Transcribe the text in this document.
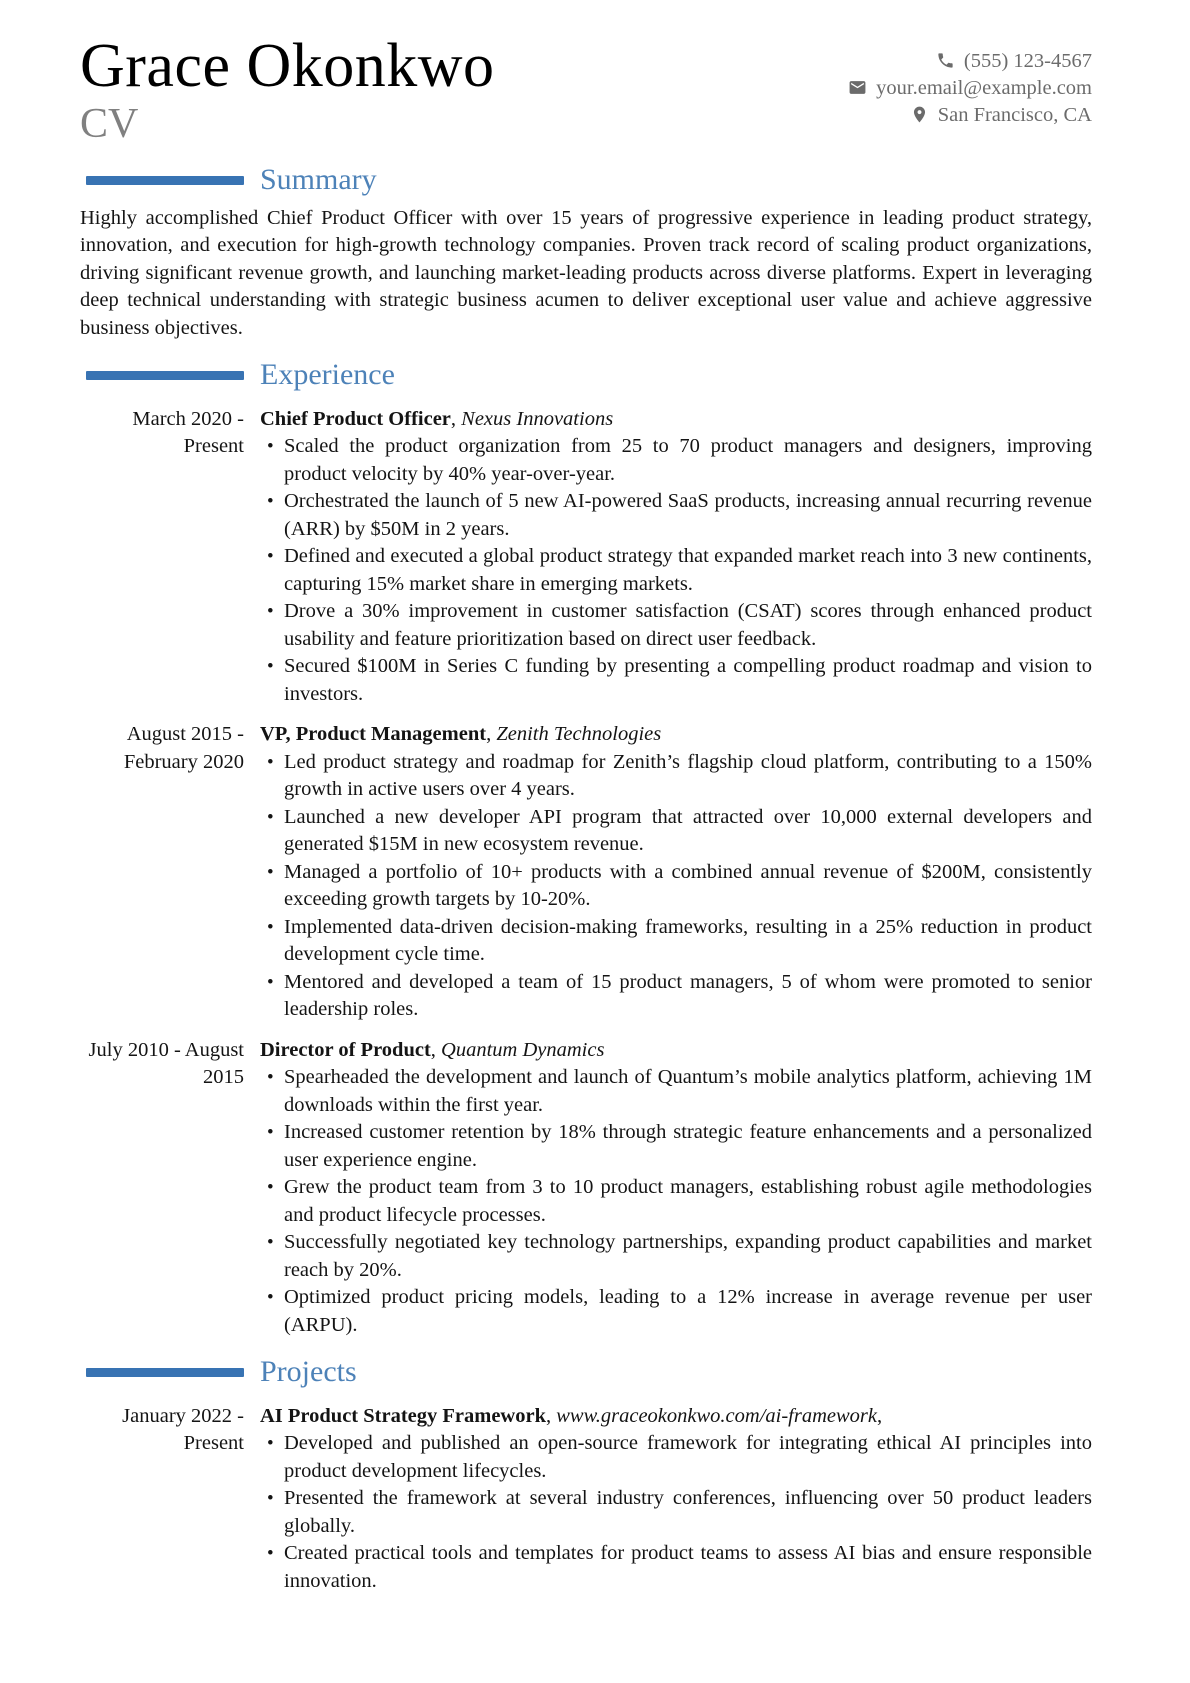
Grace Okonkwo
CV
(555) 123-4567
your.email@example.com
San Francisco, CA
Summary

Highly accomplished Chief Product Officer with over 15 years of progressive experience in leading product strategy, innovation, and execution for high-growth technology companies. Proven track record of scaling product organizations, driving significant revenue growth, and launching market-leading products across diverse platforms. Expert in leveraging deep technical understanding with strategic business acumen to deliver exceptional user value and achieve aggressive business objectives.

Experience
March 2020 - Present
Chief Product Officer, Nexus Innovations
• Scaled the product organization from 25 to 70 product managers and designers, improving product velocity by 40% year-over-year.
• Orchestrated the launch of 5 new AI-powered SaaS products, increasing annual recurring revenue (ARR) by $50M in 2 years.
• Defined and executed a global product strategy that expanded market reach into 3 new continents, capturing 15% market share in emerging markets.
• Drove a 30% improvement in customer satisfaction (CSAT) scores through enhanced product usability and feature prioritization based on direct user feedback.
• Secured $100M in Series C funding by presenting a compelling product roadmap and vision to investors.
August 2015 - February 2020
VP, Product Management, Zenith Technologies
• Led product strategy and roadmap for Zenith’s flagship cloud platform, contributing to a 150% growth in active users over 4 years.
• Launched a new developer API program that attracted over 10,000 external developers and generated $15M in new ecosystem revenue.
• Managed a portfolio of 10+ products with a combined annual revenue of $200M, consistently exceeding growth targets by 10-20%.
• Implemented data-driven decision-making frameworks, resulting in a 25% reduction in product development cycle time.
• Mentored and developed a team of 15 product managers, 5 of whom were promoted to senior leadership roles.
July 2010 - August 2015
Director of Product, Quantum Dynamics
• Spearheaded the development and launch of Quantum’s mobile analytics platform, achieving 1M downloads within the first year.
• Increased customer retention by 18% through strategic feature enhancements and a personalized user experience engine.
• Grew the product team from 3 to 10 product managers, establishing robust agile methodologies and product lifecycle processes.
• Successfully negotiated key technology partnerships, expanding product capabilities and market reach by 20%.
• Optimized product pricing models, leading to a 12% increase in average revenue per user (ARPU).
Projects
January 2022 - Present
AI Product Strategy Framework, www.graceokonkwo.com/ai-framework,
• Developed and published an open-source framework for integrating ethical AI principles into product development lifecycles.
• Presented the framework at several industry conferences, influencing over 50 product leaders globally.
• Created practical tools and templates for product teams to assess AI bias and ensure responsible innovation.
